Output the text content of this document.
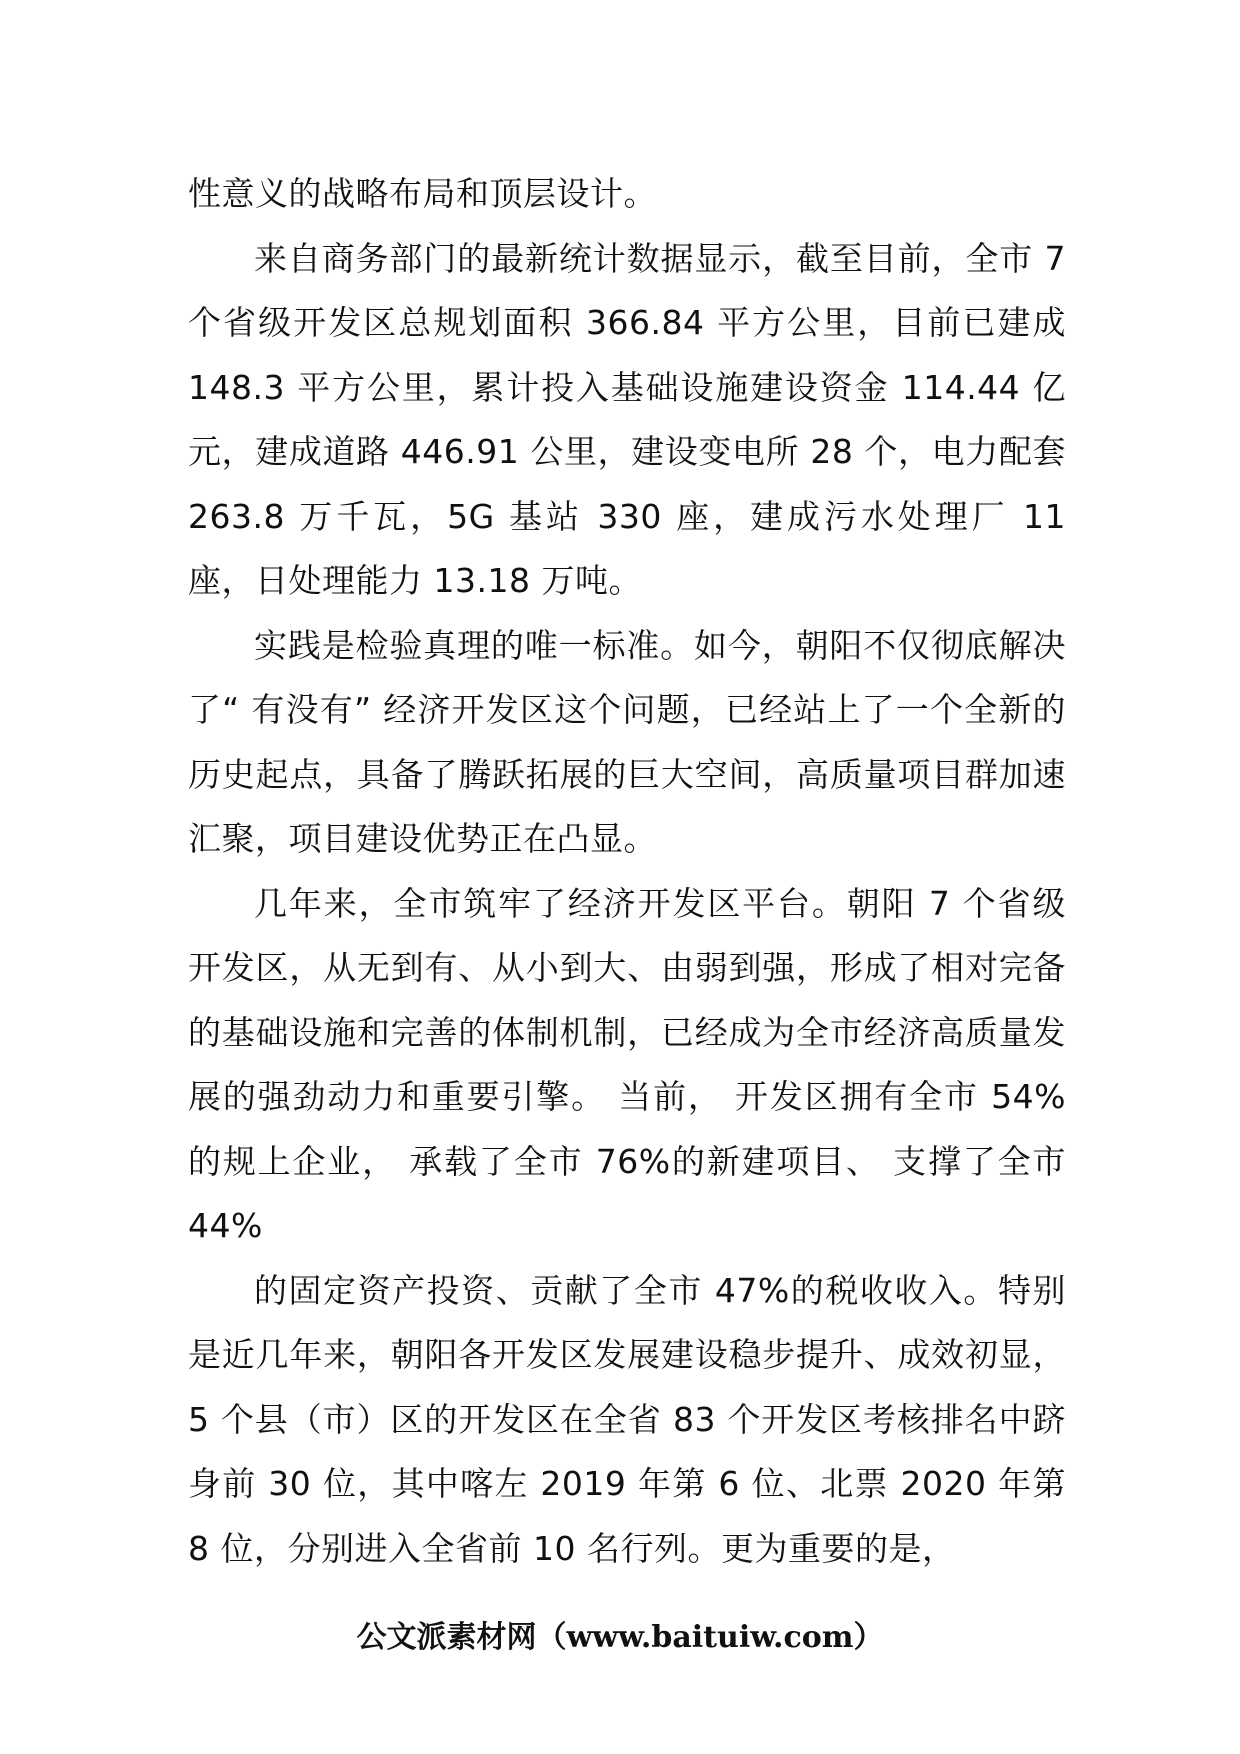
性意义的战略布局和顶层设计。

来自商务部门的最新统计数据显示，截至目前，全市 7 个省级开发区总规划面积 366.84 平方公里，目前已建成 148.3 平方公里，累计投入基础设施建设资金 114.44 亿元，建成道路 446.91 公里，建设变电所 28 个，电力配套 263.8 万千瓦，5G 基站 330 座，建成污水处理厂 11 座，日处理能力 13.18 万吨。

实践是检验真理的唯一标准。如今，朝阳不仅彻底解决了“ 有没有” 经济开发区这个问题，已经站上了一个全新的历史起点，具备了腾跃拓展的巨大空间，高质量项目群加速汇聚，项目建设优势正在凸显。

几年来，全市筑牢了经济开发区平台。朝阳 7 个省级开发区，从无到有、从小到大、由弱到强，形成了相对完备的基础设施和完善的体制机制，已经成为全市经济高质量发展的强劲动力和重要引擎。 当前， 开发区拥有全市 54%的规上企业， 承载了全市 76%的新建项目、 支撑了全市 44%

的固定资产投资、贡献了全市 47%的税收收入。特别是近几年来，朝阳各开发区发展建设稳步提升、成效初显，5 个县（市）区的开发区在全省 83 个开发区考核排名中跻身前 30 位，其中喀左 2019 年第 6 位、北票 2020 年第 8 位，分别进入全省前 10 名行列。更为重要的是，

公文派素材网（www.baituiw.com）
